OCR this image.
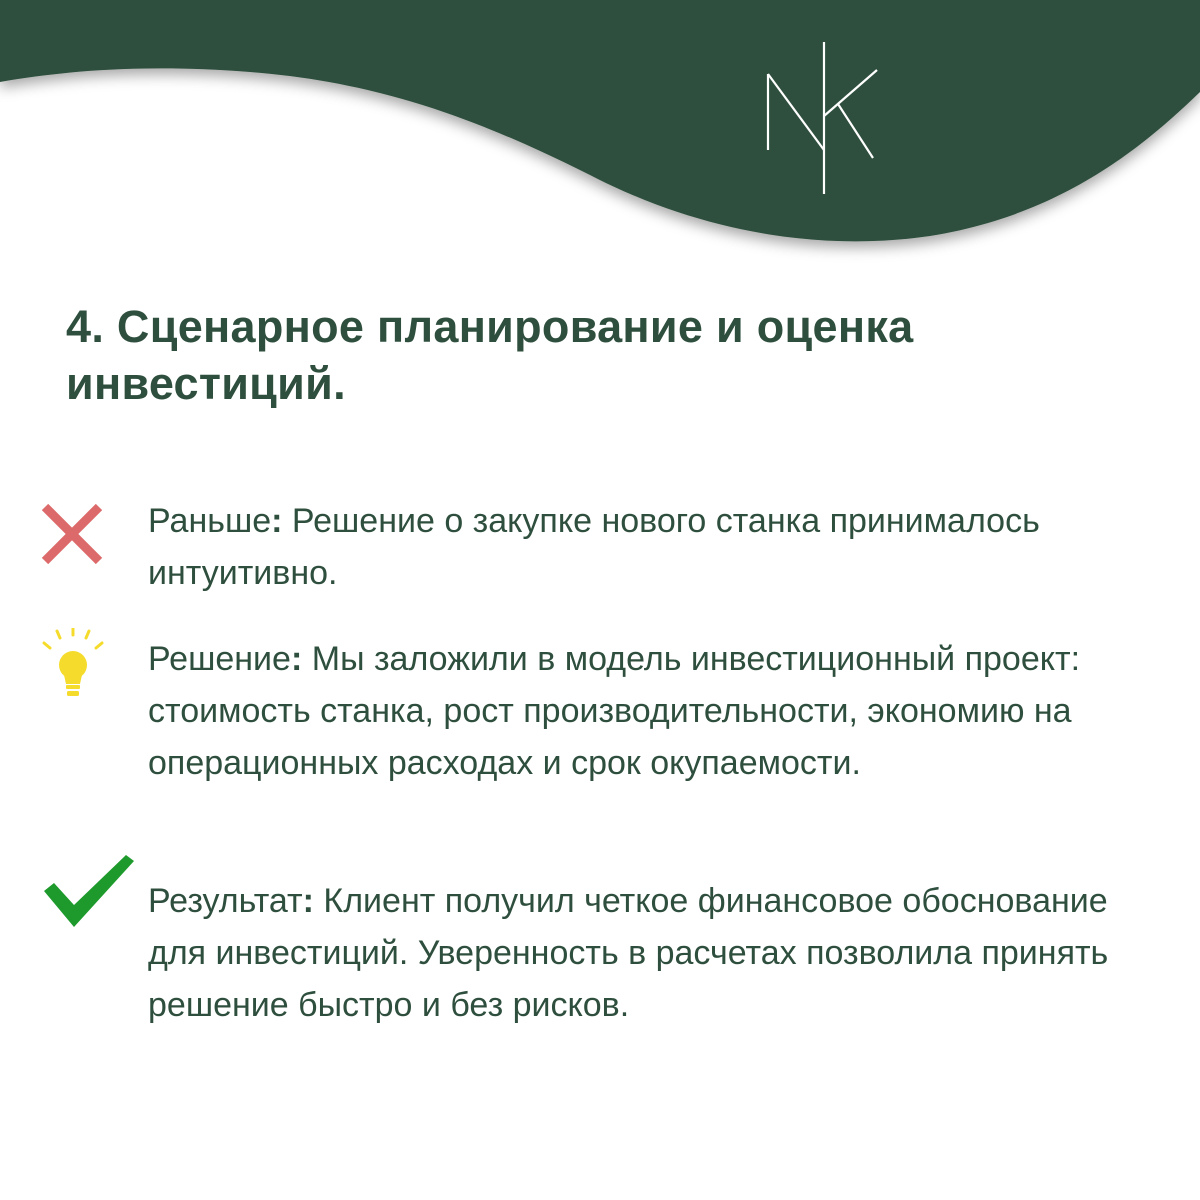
4. Сценарное планирование и оценка инвестиций.

Раньше: Решение о закупке нового станка принималось интуитивно.

Решение: Мы заложили в модель инвестиционный проект: стоимость станка, рост производительности, экономию на операционных расходах и срок окупаемости.

Результат: Клиент получил четкое финансовое обоснование для инвестиций. Уверенность в расчетах позволила принять решение быстро и без рисков.
